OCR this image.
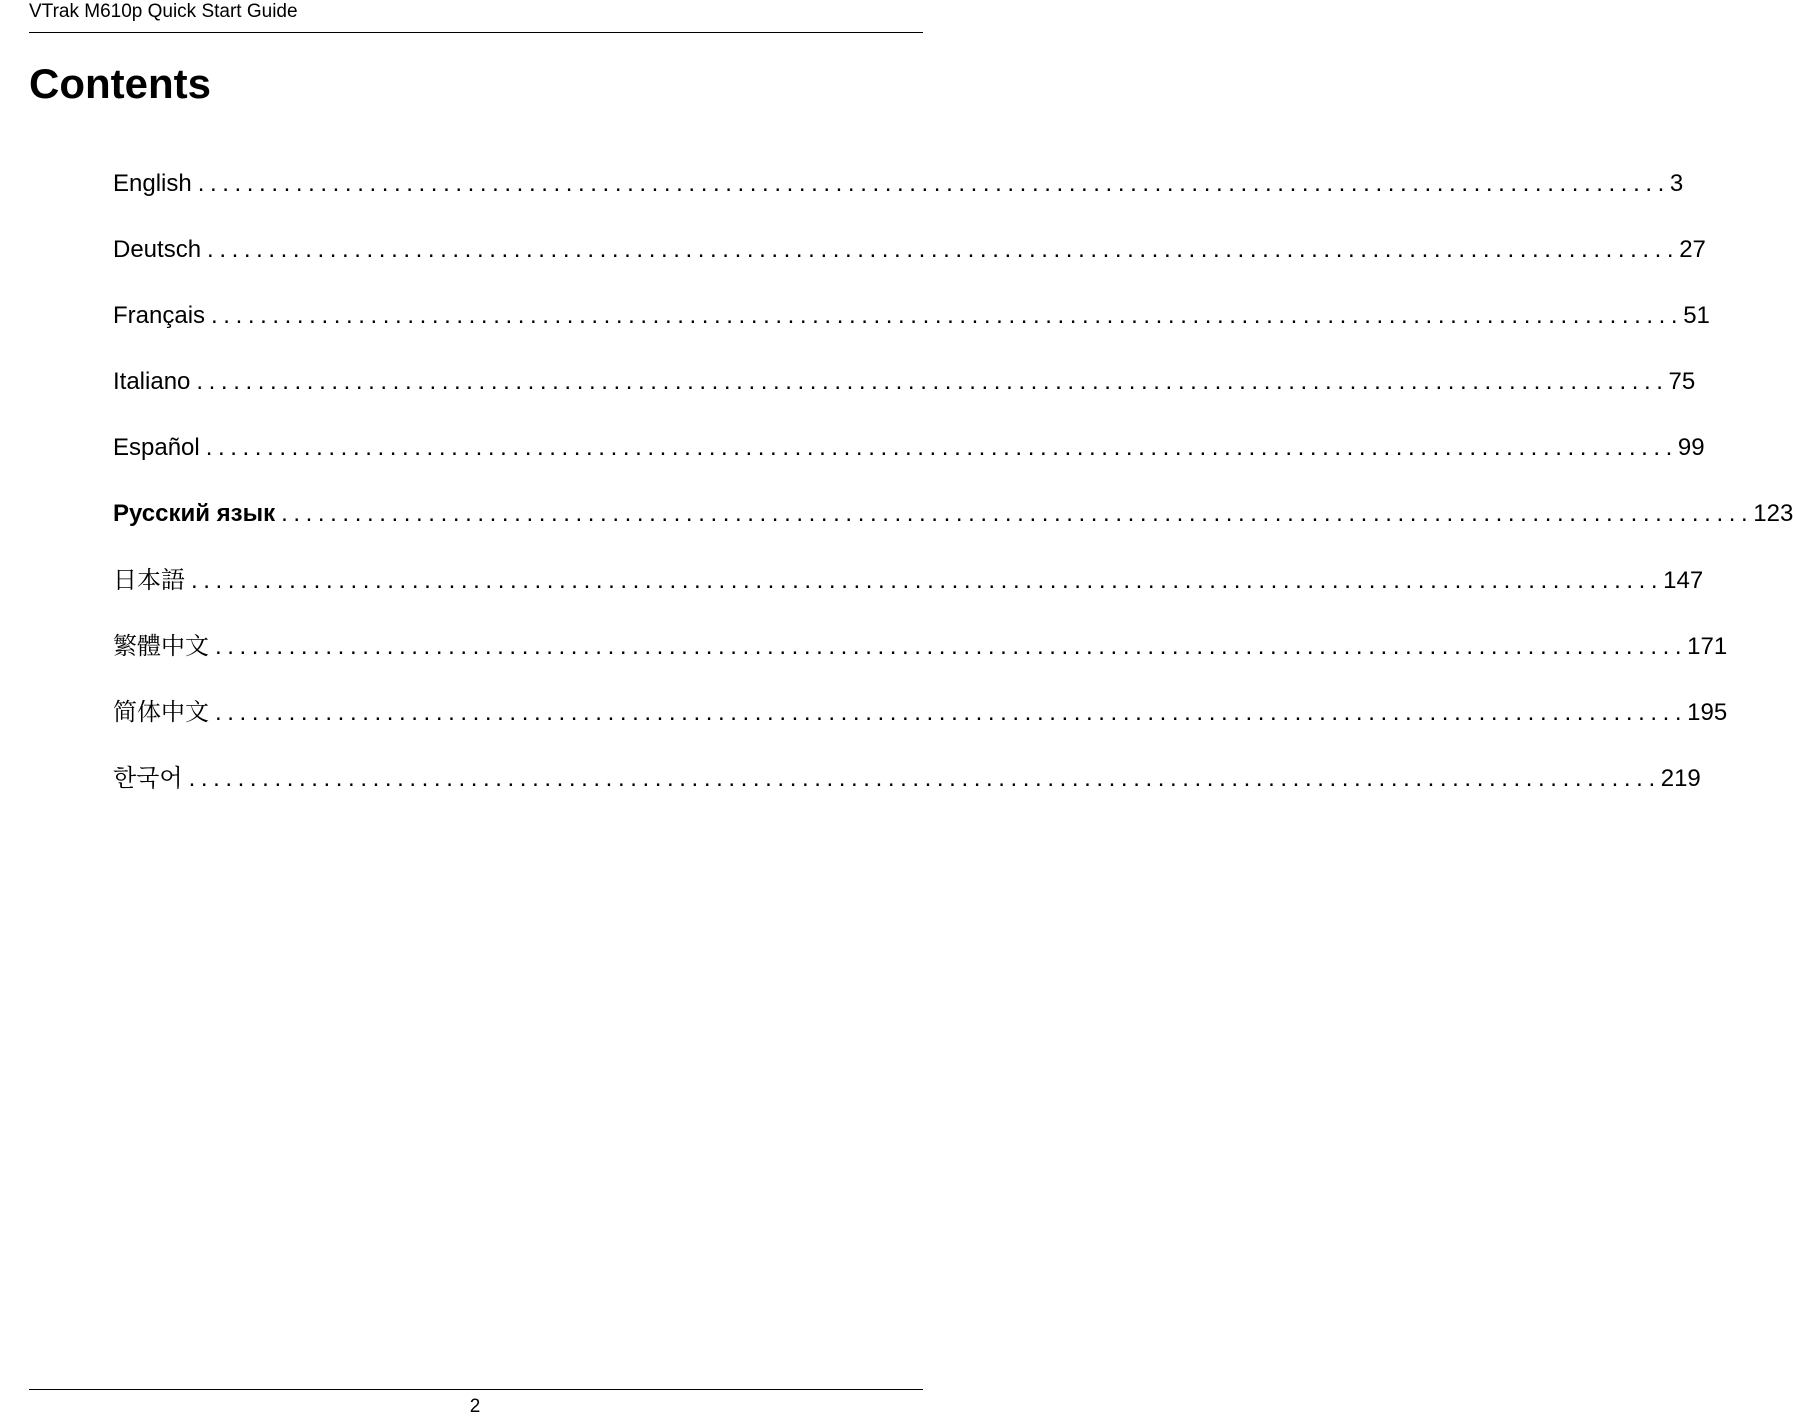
VTrak M610p Quick Start Guide
Contents
English ........................................................................................................................ 3
Deutsch ........................................................................................................................ 27
Français ........................................................................................................................ 51
Italiano ........................................................................................................................ 75
Español ........................................................................................................................ 99
Русский язык ........................................................................................................................ 123
日本語 ........................................................................................................................ 147
繁體中文 ........................................................................................................................ 171
简体中文 ........................................................................................................................ 195
한국어 ........................................................................................................................ 219
2
